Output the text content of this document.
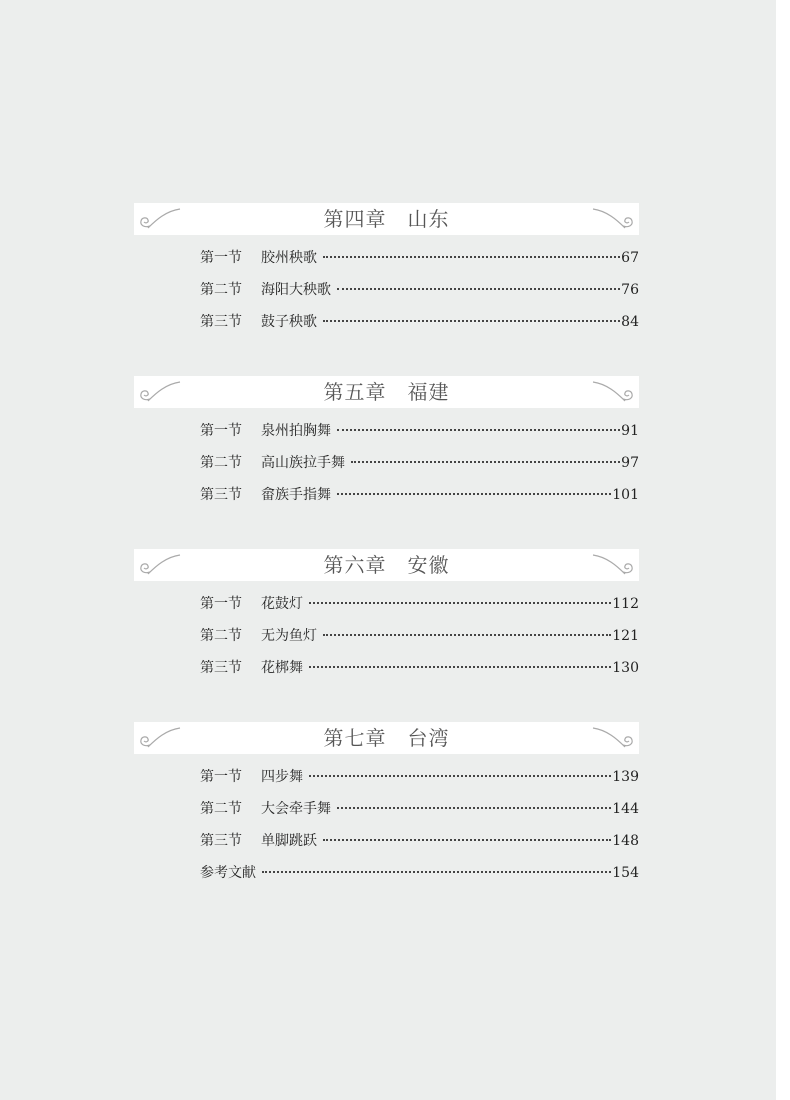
第四章　山东
第一节	胶州秧歌	67
第二节	海阳大秧歌	76
第三节	鼓子秧歌	84
第五章　福建
第一节	泉州拍胸舞	91
第二节	高山族拉手舞	97
第三节	畲族手指舞	101
第六章　安徽
第一节	花鼓灯	112
第二节	无为鱼灯	121
第三节	花梆舞	130
第七章　台湾
第一节	四步舞	139
第二节	大会牵手舞	144
第三节	单脚跳跃	148
参考文献	154
